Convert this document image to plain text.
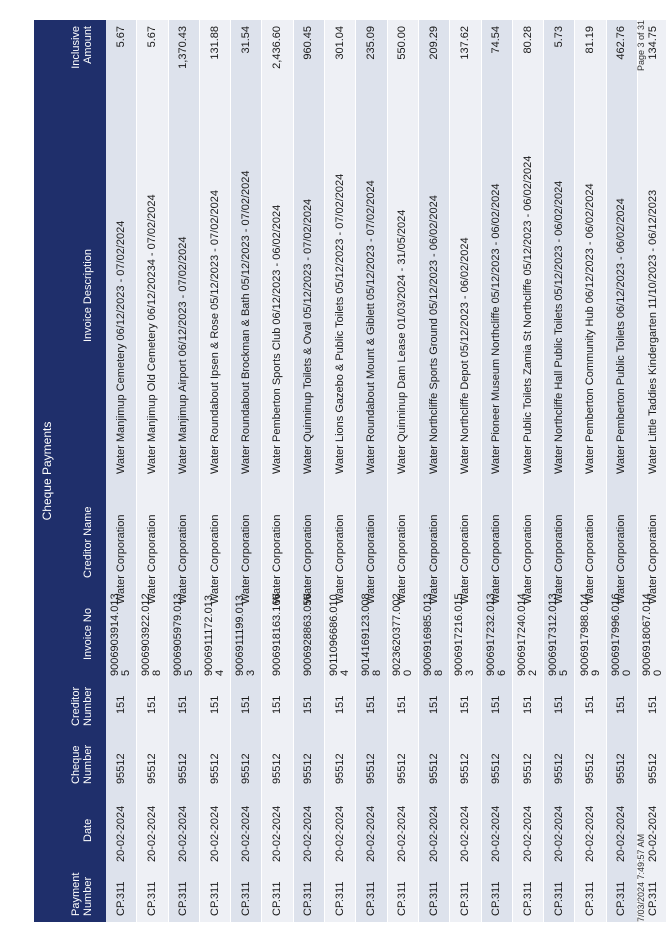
Cheque Payments
Payment Number
Date
Cheque Number
Creditor Number
Invoice No
Creditor Name
Invoice Description
Inclusive Amount
CP.311
20-02-2024
95512
151
9006903914.013 5
Water Corporation
Water Manjimup Cemetery 06/12/2023 - 07/02/2024
5.67
CP.311
20-02-2024
95512
151
9006903922.012 8
Water Corporation
Water Manjimup Old Cemetery 06/12/20234 - 07/02/2024
5.67
CP.311
20-02-2024
95512
151
9006905979.013 5
Water Corporation
Water Manjimup Airport 06/12/2023 - 07/02/2024
1,370.43
CP.311
20-02-2024
95512
151
9006911172.013 4
Water Corporation
Water Roundabout Ipsen & Rose 05/12/2023 - 07/02/2024
131.88
CP.311
20-02-2024
95512
151
9006911199.013 3
Water Corporation
Water Roundabout Brockman & Bath 05/12/2023 - 07/02/2024
31.54
CP.311
20-02-2024
95512
151
9006918163.166
Water Corporation
Water Pemberton Sports Club 06/12/2023 - 06/02/2024
2,436.60
CP.311
20-02-2024
95512
151
9006928863.056
Water Corporation
Water Quinninup Toilets & Oval 05/12/2023 - 07/02/2024
960.45
CP.311
20-02-2024
95512
151
9011096686.010 4
Water Corporation
Water Lions Gazebo & Public Toilets 05/12/2023 - 07/02/2024
301.04
CP.311
20-02-2024
95512
151
9014169123.008 8
Water Corporation
Water Roundabout Mount & Giblett 05/12/2023 - 07/02/2024
235.09
CP.311
20-02-2024
95512
151
9023620377.002 0
Water Corporation
Water Quinninup Dam Lease 01/03/2024 - 31/05/2024
550.00
CP.311
20-02-2024
95512
151
9006916985.013 8
Water Corporation
Water Northcliffe Sports Ground 05/12/2023 - 06/02/2024
209.29
CP.311
20-02-2024
95512
151
9006917216.015 3
Water Corporation
Water Northcliffe Depot 05/12/2023 - 06/02/2024
137.62
CP.311
20-02-2024
95512
151
9006917232.013 6
Water Corporation
Water Pioneer Museum Northcliffe 05/12/2023 - 06/02/2024
74.54
CP.311
20-02-2024
95512
151
9006917240.014 2
Water Corporation
Water Public Toilets Zamia St Northcliffe 05/12/2023 - 06/02/2024
80.28
CP.311
20-02-2024
95512
151
9006917312.013 5
Water Corporation
Water Northcliffe Hall Public Toilets 05/12/2023 - 06/02/2024
5.73
CP.311
20-02-2024
95512
151
9006917988.014 9
Water Corporation
Water Pemberton Community Hub 06/12/2023 - 06/02/2024
81.19
CP.311
20-02-2024
95512
151
9006917996.016 0
Water Corporation
Water Pemberton Public Toilets 06/12/2023 - 06/02/2024
462.76
CP.311
20-02-2024
95512
151
9006918067.014 0
Water Corporation
Water Little Taddies Kindergarten 11/10/2023 - 06/12/2023
134.75
7/03/2024 7:49:57 AM
Page 3 of 31
